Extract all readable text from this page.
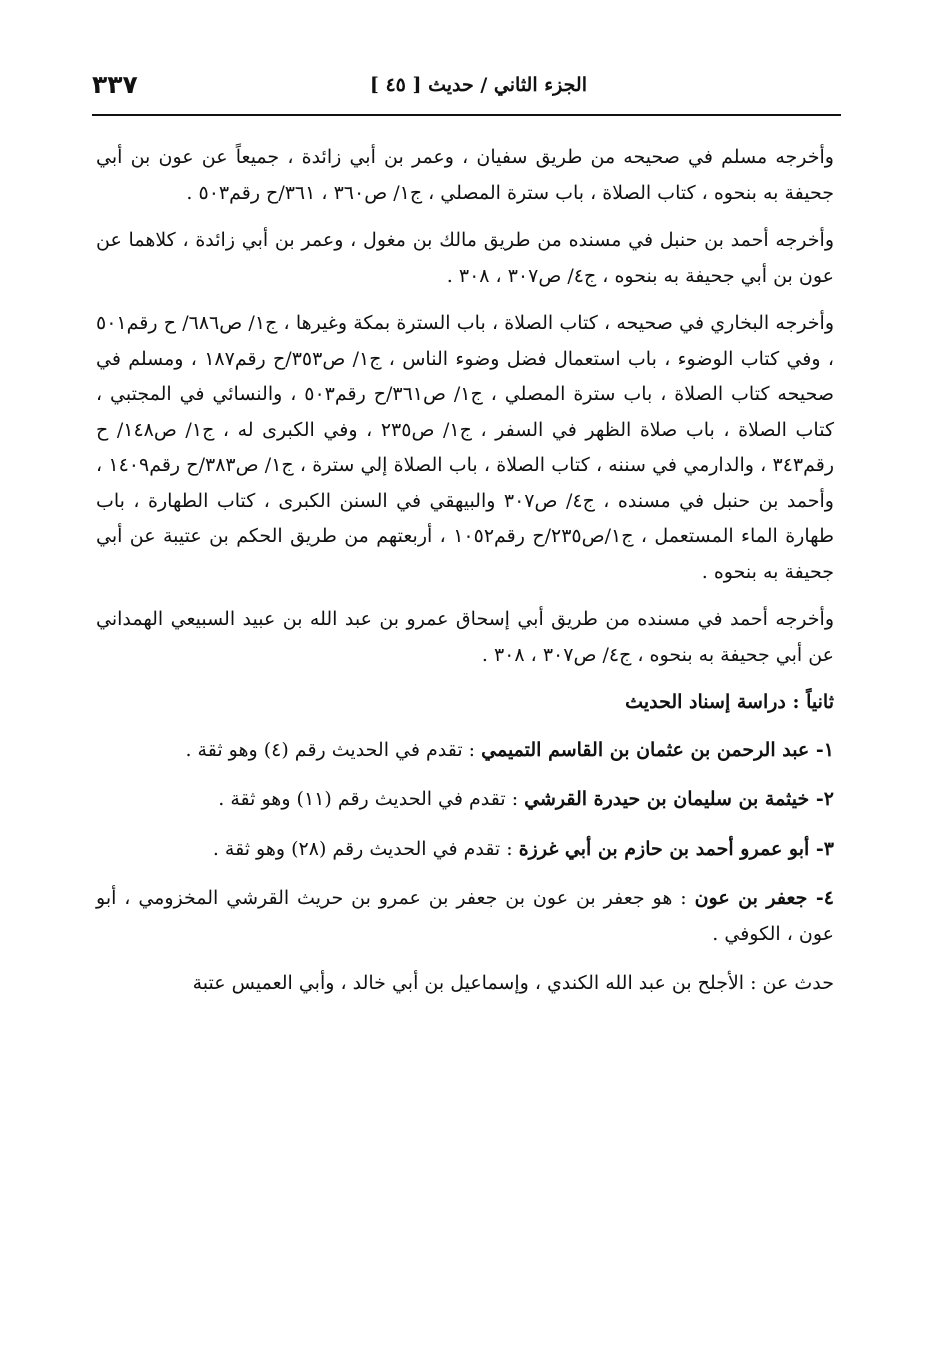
٣٣٧	الجزء الثاني / حديث [ ٤٥ ]

وأخرجه مسلم في صحيحه من طريق سفيان ، وعمر بن أبي زائدة ، جميعاً عن عون بن أبي جحيفة به بنحوه ، كتاب الصلاة ، باب سترة المصلي ، ج١/ ص٣٦٠ ، ٣٦١/ح رقم٥٠٣ .

وأخرجه أحمد بن حنبل في مسنده من طريق مالك بن مغول ، وعمر بن أبي زائدة ، كلاهما عن عون بن أبي جحيفة به بنحوه ، ج٤/ ص٣٠٧ ، ٣٠٨ .

وأخرجه البخاري في صحيحه ، كتاب الصلاة ، باب السترة بمكة وغيرها ، ج١/ ص٦٨٦/ ح رقم٥٠١ ، وفي كتاب الوضوء ، باب استعمال فضل وضوء الناس ، ج١/ ص٣٥٣/ح رقم١٨٧ ، ومسلم في صحيحه كتاب الصلاة ، باب سترة المصلي ، ج١/ ص٣٦١/ح رقم٥٠٣ ، والنسائي في المجتبي ، كتاب الصلاة ، باب صلاة الظهر في السفر ، ج١/ ص٢٣٥ ، وفي الكبرى له ، ج١/ ص١٤٨/ ح رقم٣٤٣ ، والدارمي في سننه ، كتاب الصلاة ، باب الصلاة إلي سترة ، ج١/ ص٣٨٣/ح رقم١٤٠٩ ، وأحمد بن حنبل في مسنده ، ج٤/ ص٣٠٧ والبيهقي في السنن الكبرى ، كتاب الطهارة ، باب طهارة الماء المستعمل ، ج١/ص٢٣٥/ح رقم١٠٥٢ ، أربعتهم من طريق الحكم بن عتيبة عن أبي جحيفة به بنحوه .

وأخرجه أحمد في مسنده من طريق أبي إسحاق عمرو بن عبد الله بن عبيد السبيعي الهمداني عن أبي جحيفة به بنحوه ، ج٤/ ص٣٠٧ ، ٣٠٨ .

ثانياً : دراسة إسناد الحديث

١- عبد الرحمن بن عثمان بن القاسم التميمي : تقدم في الحديث رقم (٤) وهو ثقة .

٢- خيثمة بن سليمان بن حيدرة القرشي : تقدم في الحديث رقم (١١) وهو ثقة .

٣- أبو عمرو أحمد بن حازم بن أبي غرزة : تقدم في الحديث رقم (٢٨) وهو ثقة .

٤- جعفر بن عون : هو جعفر بن عون بن جعفر بن عمرو بن حريث القرشي المخزومي ، أبو عون ، الكوفي .

حدث عن : الأجلح بن عبد الله الكندي ، وإسماعيل بن أبي خالد ، وأبي العميس عتبة
